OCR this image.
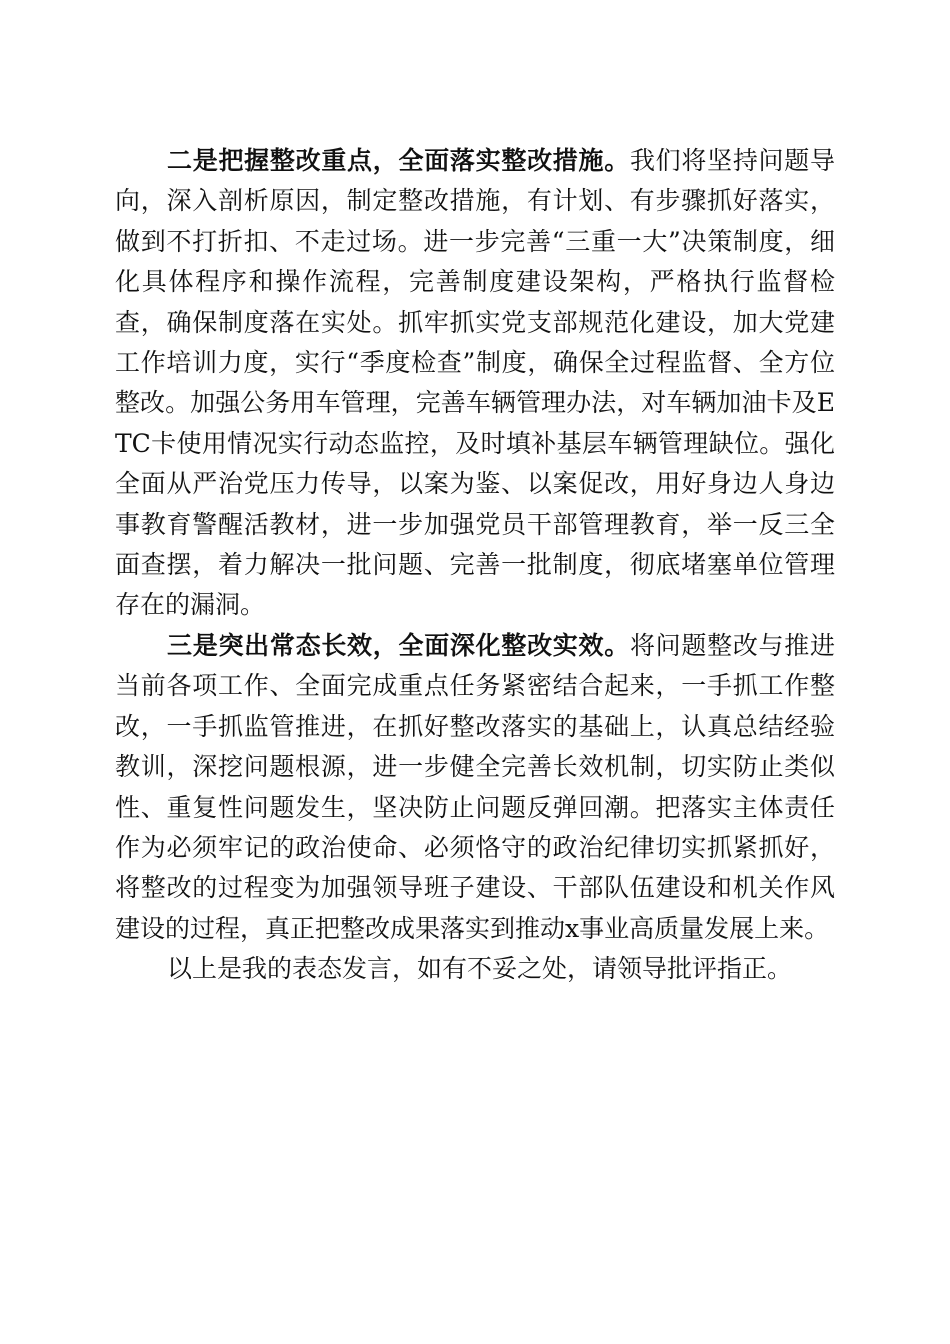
二是把握整改重点，全面落实整改措施。我们将坚持问题导向，深入剖析原因，制定整改措施，有计划、有步骤抓好落实，做到不打折扣、不走过场。进一步完善“三重一大”决策制度，细化具体程序和操作流程，完善制度建设架构，严格执行监督检查，确保制度落在实处。抓牢抓实党支部规范化建设，加大党建工作培训力度，实行“季度检查”制度，确保全过程监督、全方位整改。加强公务用车管理，完善车辆管理办法，对车辆加油卡及ETC卡使用情况实行动态监控，及时填补基层车辆管理缺位。强化全面从严治党压力传导，以案为鉴、以案促改，用好身边人身边事教育警醒活教材，进一步加强党员干部管理教育，举一反三全面查摆，着力解决一批问题、完善一批制度，彻底堵塞单位管理存在的漏洞。

三是突出常态长效，全面深化整改实效。将问题整改与推进当前各项工作、全面完成重点任务紧密结合起来，一手抓工作整改，一手抓监管推进，在抓好整改落实的基础上，认真总结经验教训，深挖问题根源，进一步健全完善长效机制，切实防止类似性、重复性问题发生，坚决防止问题反弹回潮。把落实主体责任作为必须牢记的政治使命、必须恪守的政治纪律切实抓紧抓好，将整改的过程变为加强领导班子建设、干部队伍建设和机关作风建设的过程，真正把整改成果落实到推动x事业高质量发展上来。

以上是我的表态发言，如有不妥之处，请领导批评指正。
